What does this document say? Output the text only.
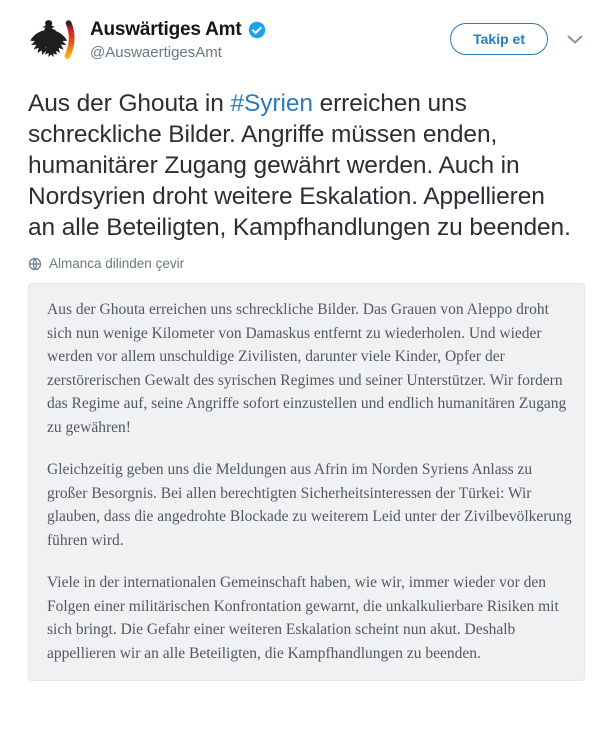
Auswärtiges Amt
@AuswaertigesAmt
Takip et
Aus der Ghouta in #Syrien erreichen uns schreckliche Bilder. Angriffe müssen enden, humanitärer Zugang gewährt werden. Auch in Nordsyrien droht weitere Eskalation. Appellieren an alle Beteiligten, Kampfhandlungen zu beenden.
Almanca dilinden çevir

Aus der Ghouta erreichen uns schreckliche Bilder. Das Grauen von Aleppo droht sich nun wenige Kilometer von Damaskus entfernt zu wiederholen. Und wieder werden vor allem unschuldige Zivilisten, darunter viele Kinder, Opfer der zerstörerischen Gewalt des syrischen Regimes und seiner Unterstützer. Wir fordern das Regime auf, seine Angriffe sofort einzustellen und endlich humanitären Zugang zu gewähren!

Gleichzeitig geben uns die Meldungen aus Afrin im Norden Syriens Anlass zu großer Besorgnis. Bei allen berechtigten Sicherheitsinteressen der Türkei: Wir glauben, dass die angedrohte Blockade zu weiterem Leid unter der Zivilbevölkerung führen wird.

Viele in der internationalen Gemeinschaft haben, wie wir, immer wieder vor den Folgen einer militärischen Konfrontation gewarnt, die unkalkulierbare Risiken mit sich bringt. Die Gefahr einer weiteren Eskalation scheint nun akut. Deshalb appellieren wir an alle Beteiligten, die Kampfhandlungen zu beenden.
